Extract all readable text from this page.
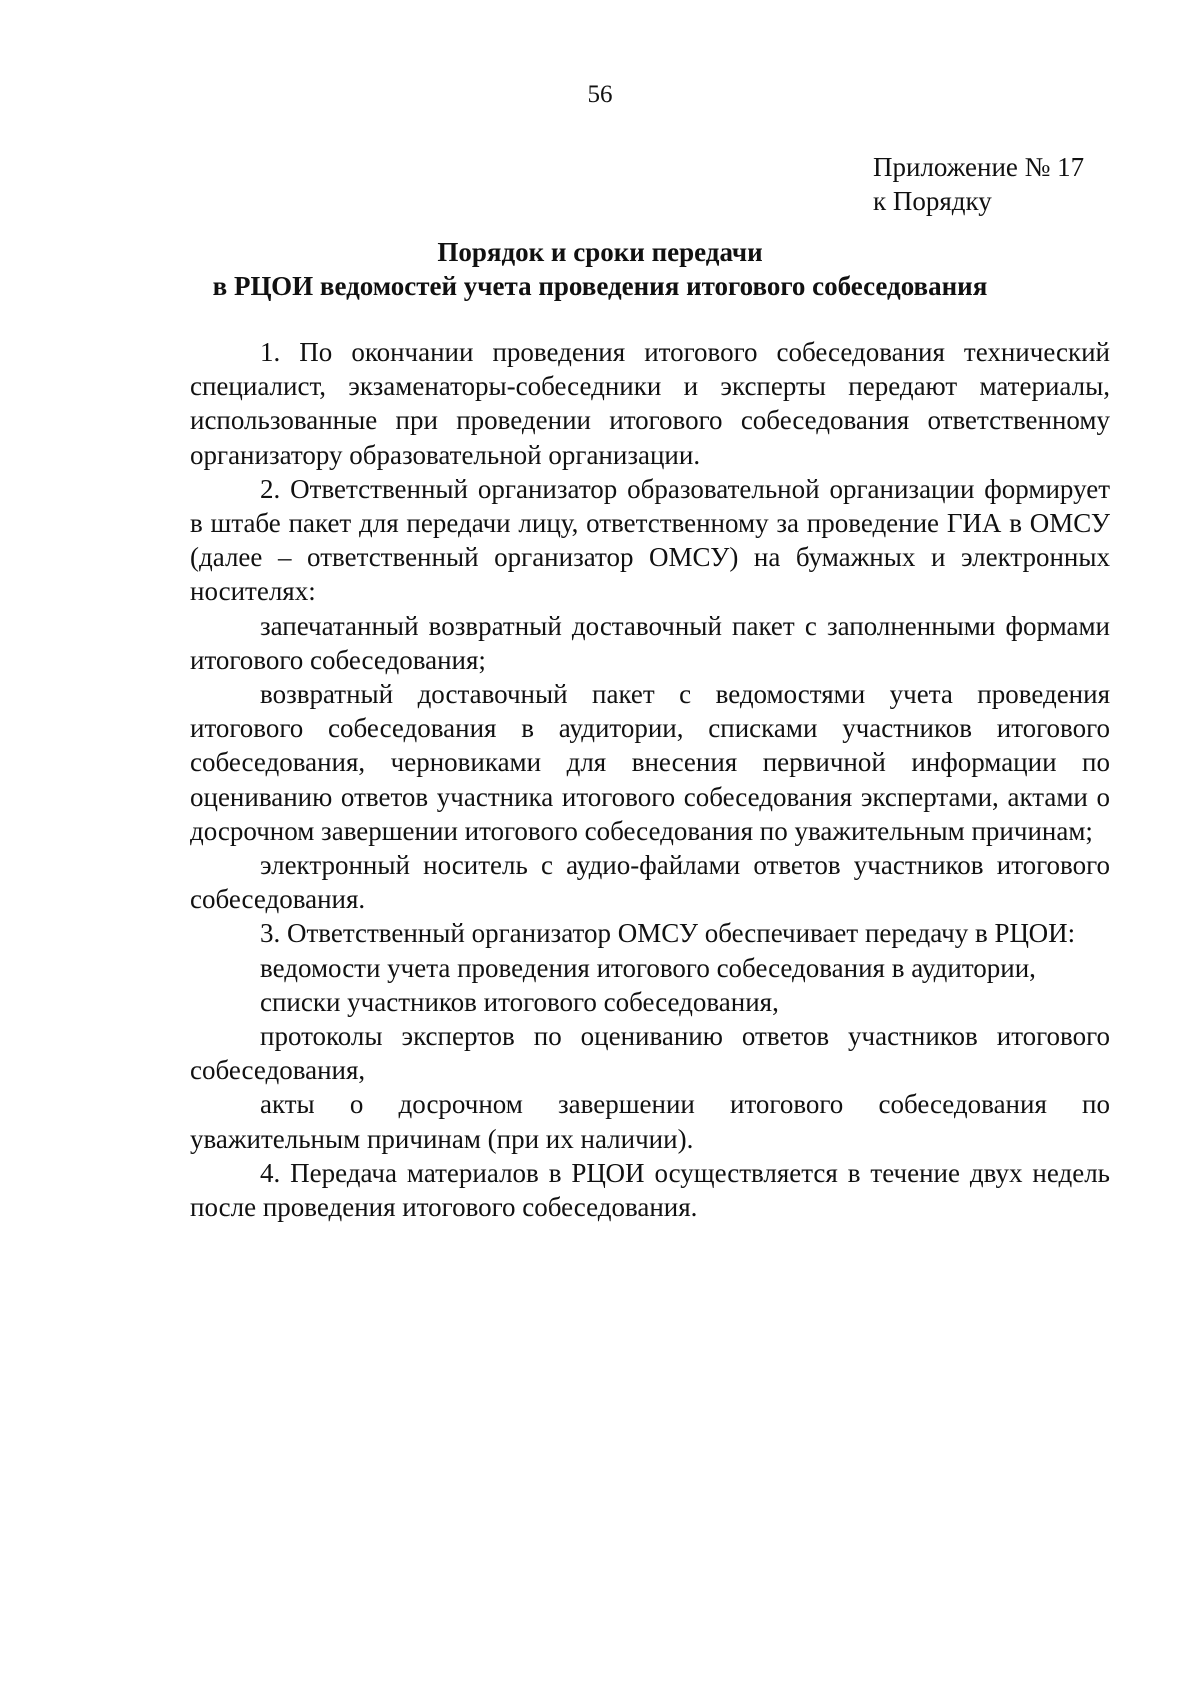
56
Приложение № 17
к Порядку
Порядок и сроки передачи
в РЦОИ ведомостей учета проведения итогового собеседования

1. По окончании проведения итогового собеседования технический специалист, экзаменаторы-собеседники и эксперты передают материалы, использованные при проведении итогового собеседования ответственному организатору образовательной организации.

2. Ответственный организатор образовательной организации формирует в штабе пакет для передачи лицу, ответственному за проведение ГИА в ОМСУ (далее – ответственный организатор ОМСУ) на бумажных и электронных носителях:

запечатанный возвратный доставочный пакет с заполненными формами итогового собеседования;

возвратный доставочный пакет с ведомостями учета проведения итогового собеседования в аудитории, списками участников итогового собеседования, черновиками для внесения первичной информации по оцениванию ответов участника итогового собеседования экспертами, актами о досрочном завершении итогового собеседования по уважительным причинам;

электронный носитель с аудио-файлами ответов участников итогового собеседования.

3. Ответственный организатор ОМСУ обеспечивает передачу в РЦОИ:

ведомости учета проведения итогового собеседования в аудитории,

списки участников итогового собеседования,

протоколы экспертов по оцениванию ответов участников итогового собеседования,

акты о досрочном завершении итогового собеседования по уважительным причинам (при их наличии).

4. Передача материалов в РЦОИ осуществляется в течение двух недель после проведения итогового собеседования.
